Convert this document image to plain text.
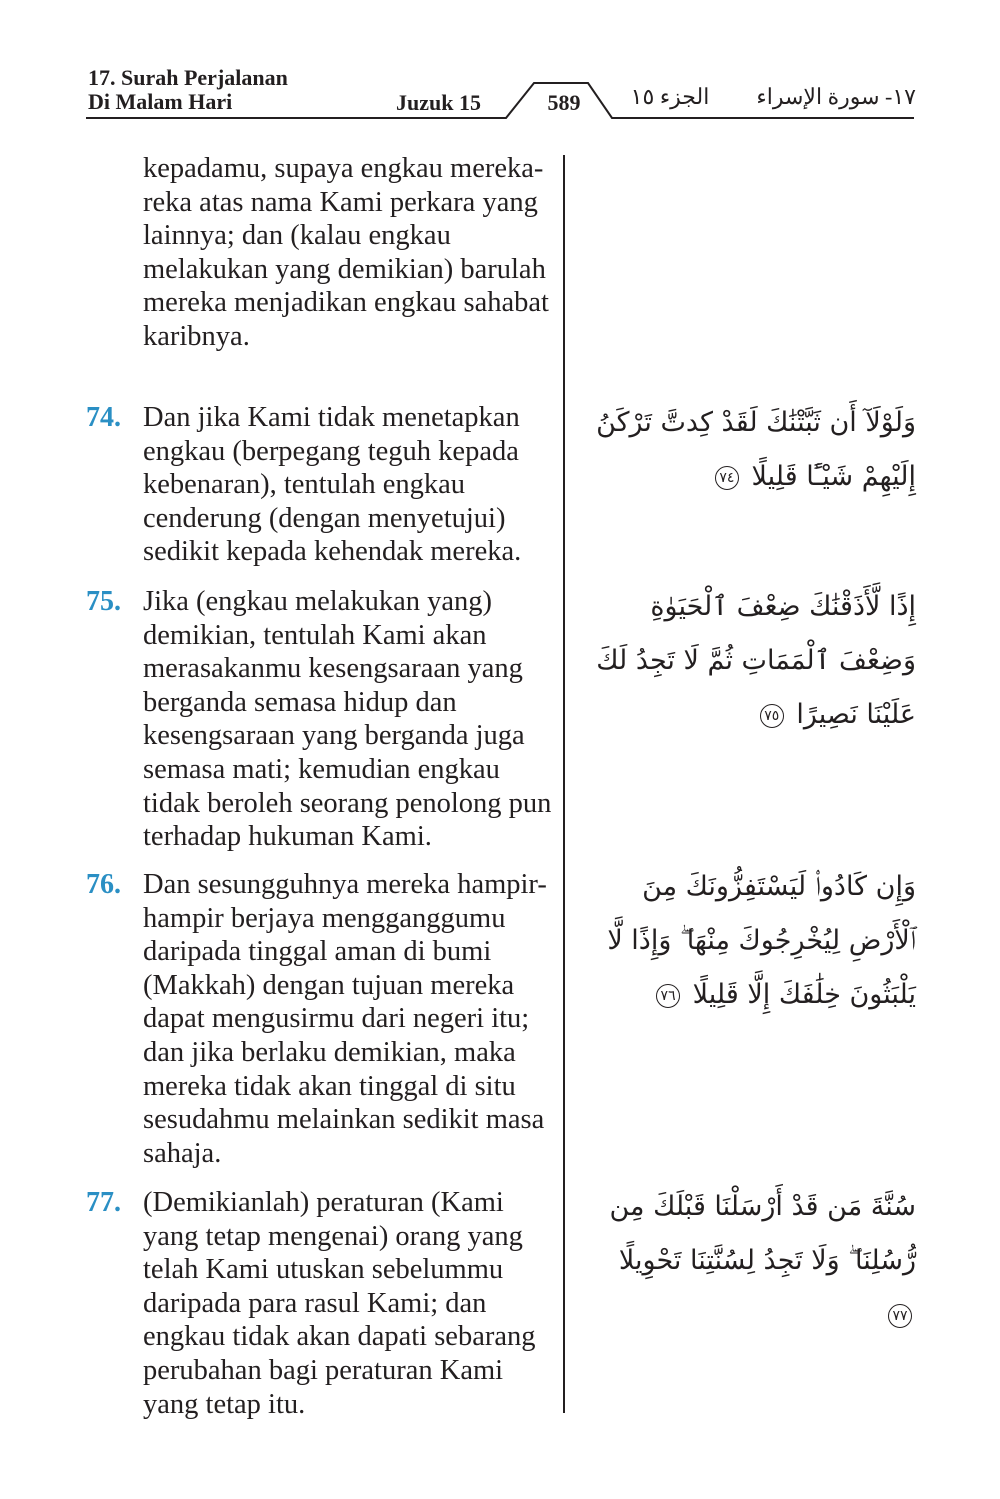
17. Surah Perjalanan
Di Malam Hari	Juzuk 15	589	الجزء ١٥	١٧- سورة الإسراء
kepadamu, supaya engkau mereka-reka atas nama Kami perkara yang lainnya; dan (kalau engkau melakukan yang demikian) barulah mereka menjadikan engkau sahabat karibnya.
74. Dan jika Kami tidak menetapkan engkau (berpegang teguh kepada kebenaran), tentulah engkau cenderung (dengan menyetujui) sedikit kepada kehendak mereka.
وَلَوْلَآ أَن ثَبَّتْنَٰكَ لَقَدْ كِدتَّ تَرْكَنُ إِلَيْهِمْ شَيْـًٔا قَلِيلًا ٧٤
75. Jika (engkau melakukan yang) demikian, tentulah Kami akan merasakanmu kesengsaraan yang berganda semasa hidup dan kesengsaraan yang berganda juga semasa mati; kemudian engkau tidak beroleh seorang penolong pun terhadap hukuman Kami.
إِذًا لَّأَذَقْنَٰكَ ضِعْفَ ٱلْحَيَوٰةِ وَضِعْفَ ٱلْمَمَاتِ ثُمَّ لَا تَجِدُ لَكَ عَلَيْنَا نَصِيرًا ٧٥
76. Dan sesungguhnya mereka hampir-hampir berjaya mengganggumu daripada tinggal aman di bumi (Makkah) dengan tujuan mereka dapat mengusirmu dari negeri itu; dan jika berlaku demikian, maka mereka tidak akan tinggal di situ sesudahmu melainkan sedikit masa sahaja.
وَإِن كَادُوا۟ لَيَسْتَفِزُّونَكَ مِنَ ٱلْأَرْضِ لِيُخْرِجُوكَ مِنْهَا ۖ وَإِذًا لَّا يَلْبَثُونَ خِلَٰفَكَ إِلَّا قَلِيلًا ٧٦
77. (Demikianlah) peraturan (Kami yang tetap mengenai) orang yang telah Kami utuskan sebelummu daripada para rasul Kami; dan engkau tidak akan dapati sebarang perubahan bagi peraturan Kami yang tetap itu.
سُنَّةَ مَن قَدْ أَرْسَلْنَا قَبْلَكَ مِن رُّسُلِنَا ۖ وَلَا تَجِدُ لِسُنَّتِنَا تَحْوِيلًا ٧٧
